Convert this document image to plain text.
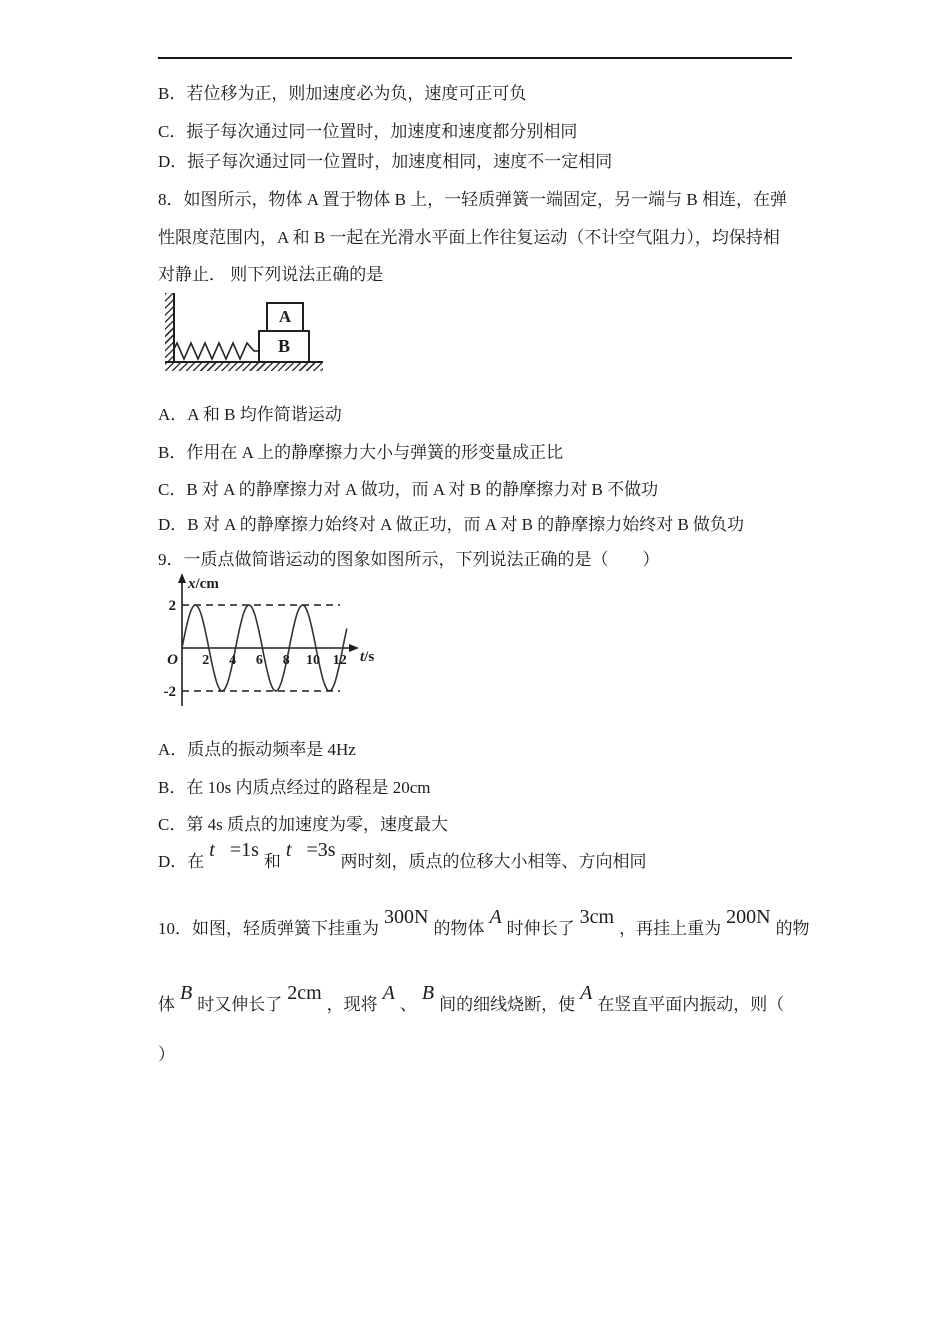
B．若位移为正，则加速度必为负，速度可正可负
C．振子每次通过同一位置时，加速度和速度都分别相同
D．振子每次通过同一位置时，加速度相同，速度不一定相同
8．如图所示，物体 A 置于物体 B 上，一轻质弹簧一端固定，另一端与 B 相连，在弹
性限度范围内，A 和 B 一起在光滑水平面上作往复运动（不计空气阻力），均保持相
对静止． 则下列说法正确的是
B
A
A．A 和 B 均作简谐运动
B．作用在 A 上的静摩擦力大小与弹簧的形变量成正比
C．B 对 A 的静摩擦力对 A 做功，而 A 对 B 的静摩擦力对 B 不做功
D．B 对 A 的静摩擦力始终对 A 做正功，而 A 对 B 的静摩擦力始终对 B 做负功
9．一质点做简谐运动的图象如图所示，下列说法正确的是（　　）
2
-2
O 2 4 6 8 10 12
x/cm
t/s
A．质点的振动频率是 4Hz
B．在 10s 内质点经过的路程是 20cm
C．第 4s 质点的加速度为零，速度最大
D．在t =1s和t =3s两时刻，质点的位移大小相等、方向相同
10．如图，轻质弹簧下挂重为300N的物体A时伸长了3cm，再挂上重为200N的物
体B时又伸长了2cm，现将A、B间的细线烧断，使A在竖直平面内振动，则（
）
